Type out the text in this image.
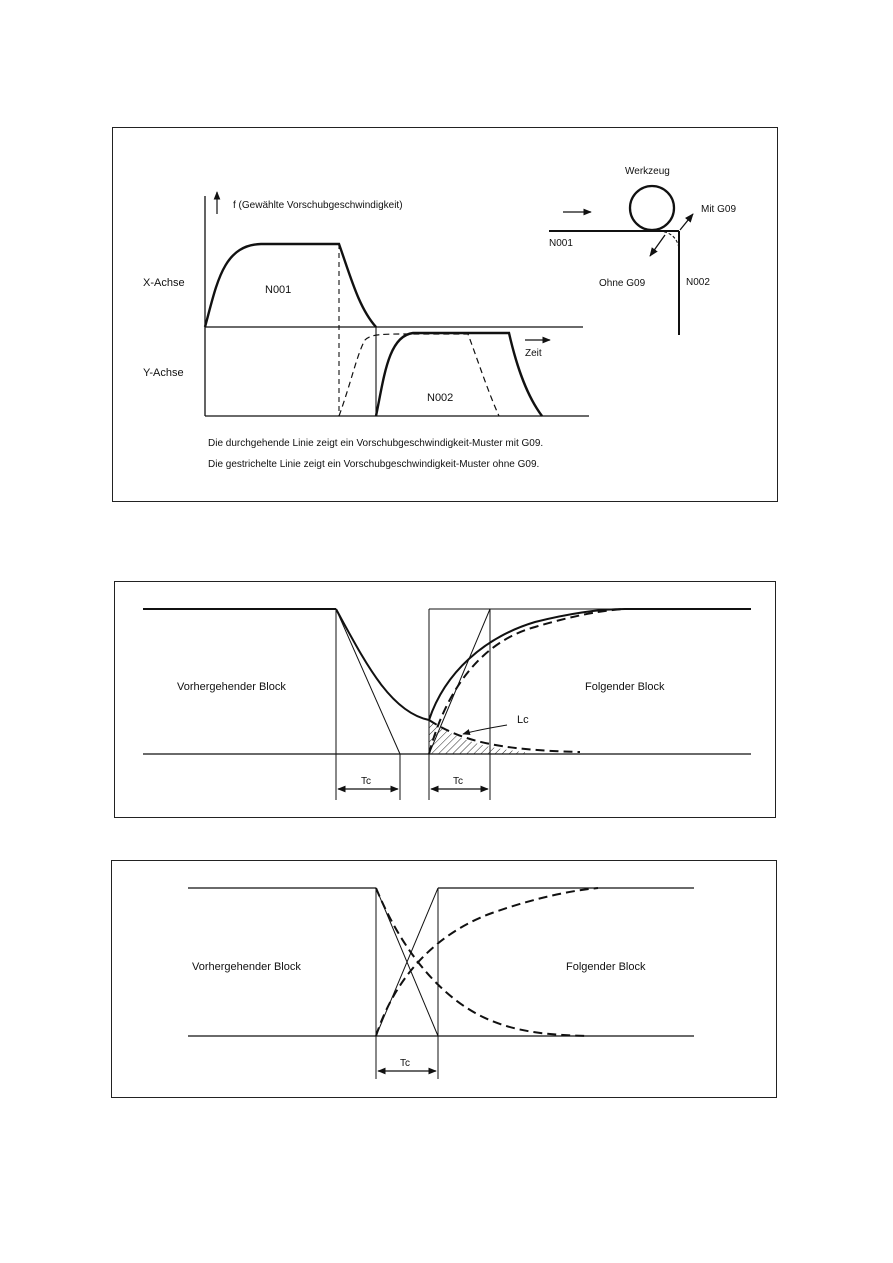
f (Gewählte Vorschubgeschwindigkeit)
X-Achse
Y-Achse
Zeit
N001
N002
Werkzeug
Mit G09
N001
Ohne G09	N002
Die durchgehende Linie zeigt ein Vorschubgeschwindigkeit-Muster mit G09.
Die gestrichelte Linie zeigt ein Vorschubgeschwindigkeit-Muster ohne G09.
Vorhergehender Block	Folgender Block
Lc
Tc	Tc
Vorhergehender Block	Folgender Block
Tc
